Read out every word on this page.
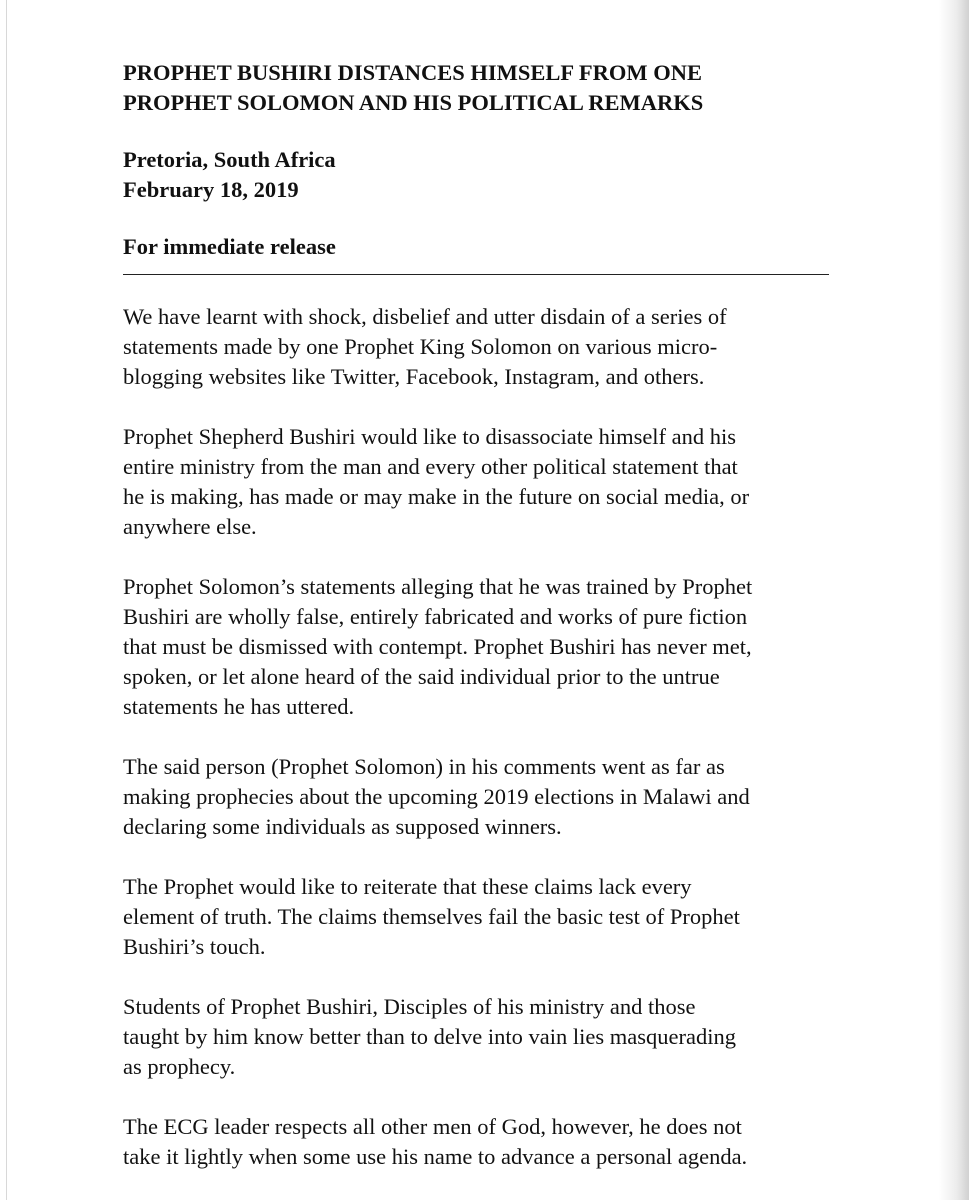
PROPHET BUSHIRI DISTANCES HIMSELF FROM ONE
PROPHET SOLOMON AND HIS POLITICAL REMARKS
Pretoria, South Africa
February 18, 2019
For immediate release

We have learnt with shock, disbelief and utter disdain of a series of
statements made by one Prophet King Solomon on various micro-
blogging websites like Twitter, Facebook, Instagram, and others.

Prophet Shepherd Bushiri would like to disassociate himself and his
entire ministry from the man and every other political statement that
he is making, has made or may make in the future on social media, or
anywhere else.

Prophet Solomon’s statements alleging that he was trained by Prophet
Bushiri are wholly false, entirely fabricated and works of pure fiction
that must be dismissed with contempt. Prophet Bushiri has never met,
spoken, or let alone heard of the said individual prior to the untrue
statements he has uttered.

The said person (Prophet Solomon) in his comments went as far as
making prophecies about the upcoming 2019 elections in Malawi and
declaring some individuals as supposed winners.

The Prophet would like to reiterate that these claims lack every
element of truth. The claims themselves fail the basic test of Prophet
Bushiri’s touch.

Students of Prophet Bushiri, Disciples of his ministry and those
taught by him know better than to delve into vain lies masquerading
as prophecy.

The ECG leader respects all other men of God, however, he does not
take it lightly when some use his name to advance a personal agenda.
